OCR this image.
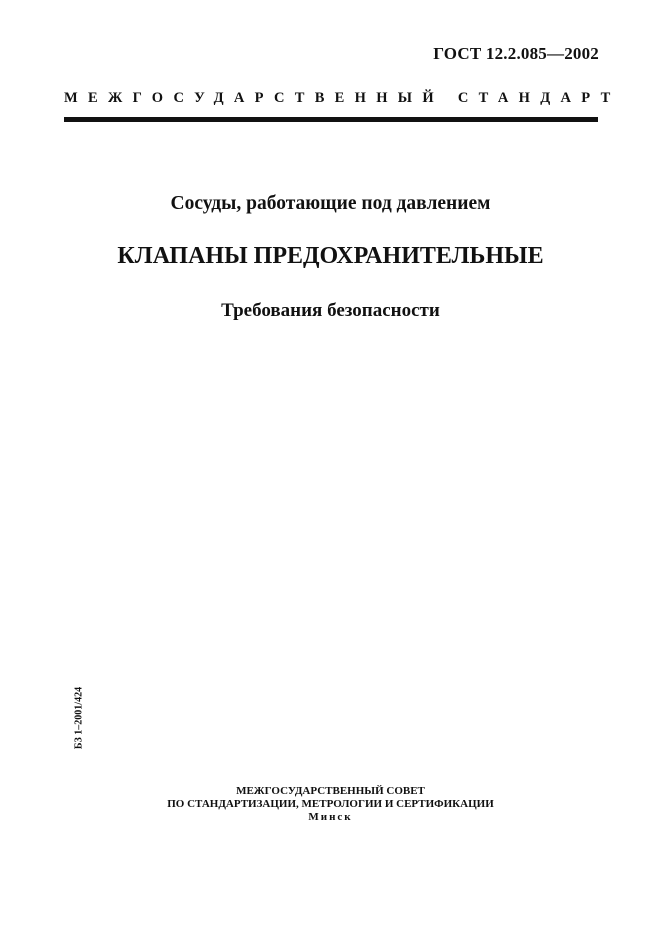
ГОСТ 12.2.085—2002
МЕЖГОСУДАРСТВЕННЫЙ СТАНДАРТ
Сосуды, работающие под давлением
КЛАПАНЫ ПРЕДОХРАНИТЕЛЬНЫЕ
Требования безопасности
БЗ 1–2001/424
МЕЖГОСУДАРСТВЕННЫЙ СОВЕТ
ПО СТАНДАРТИЗАЦИИ, МЕТРОЛОГИИ И СЕРТИФИКАЦИИ
Минск
